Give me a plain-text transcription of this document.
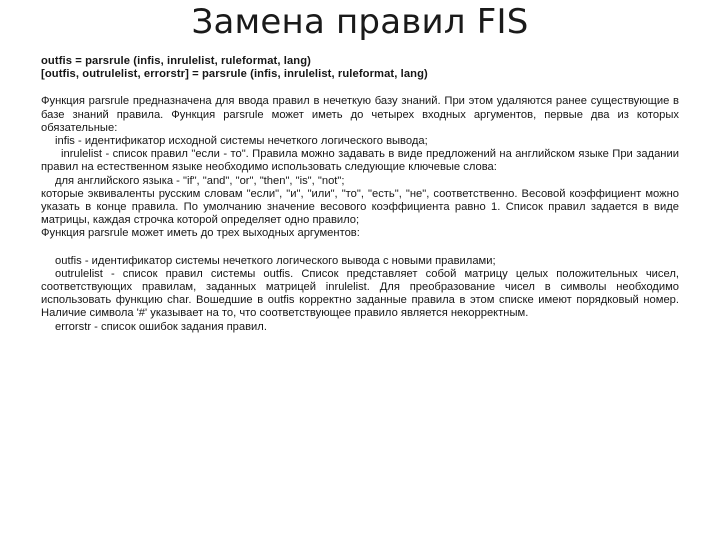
Замена правил FIS
outfis = parsrule (infis, inrulelist, ruleformat, lang)
[outfis, outrulelist, errorstr] = parsrule (infis, inrulelist, ruleformat, lang)

Функция parsrule предназначена для ввода правил в нечеткую базу знаний. При этом удаляются ранее существующие в базе знаний правила. Функция parsrule может иметь до четырех входных аргументов, первые два из которых обязательные:

infis - идентификатор исходной системы нечеткого логического вывода;

inrulelist - список правил "если - то". Правила можно задавать в виде предложений на английском языке При задании правил на естественном языке необходимо использовать следующие ключевые слова:

для английского языка - "if", "and", "or", "then", "is", "not";

которые эквиваленты русским словам "если", "и", "или", "то", "есть", "не", соответственно. Весовой коэффициент можно указать в конце правила. По умолчанию значение весового коэффициента равно 1. Список правил задается в виде матрицы, каждая строчка которой определяет одно правило;

Функция parsrule может иметь до трех выходных аргументов:

outfis - идентификатор системы нечеткого логического вывода с новыми правилами;

outrulelist - список правил системы outfis. Список представляет собой матрицу целых положительных чисел, соответствующих правилам, заданных матрицей inrulelist. Для преобразование чисел в символы необходимо использовать функцию char. Вошедшие в outfis корректно заданные правила в этом списке имеют порядковый номер. Наличие символа '#' указывает на то, что соответствующее правило является некорректным.

errorstr - список ошибок задания правил.
